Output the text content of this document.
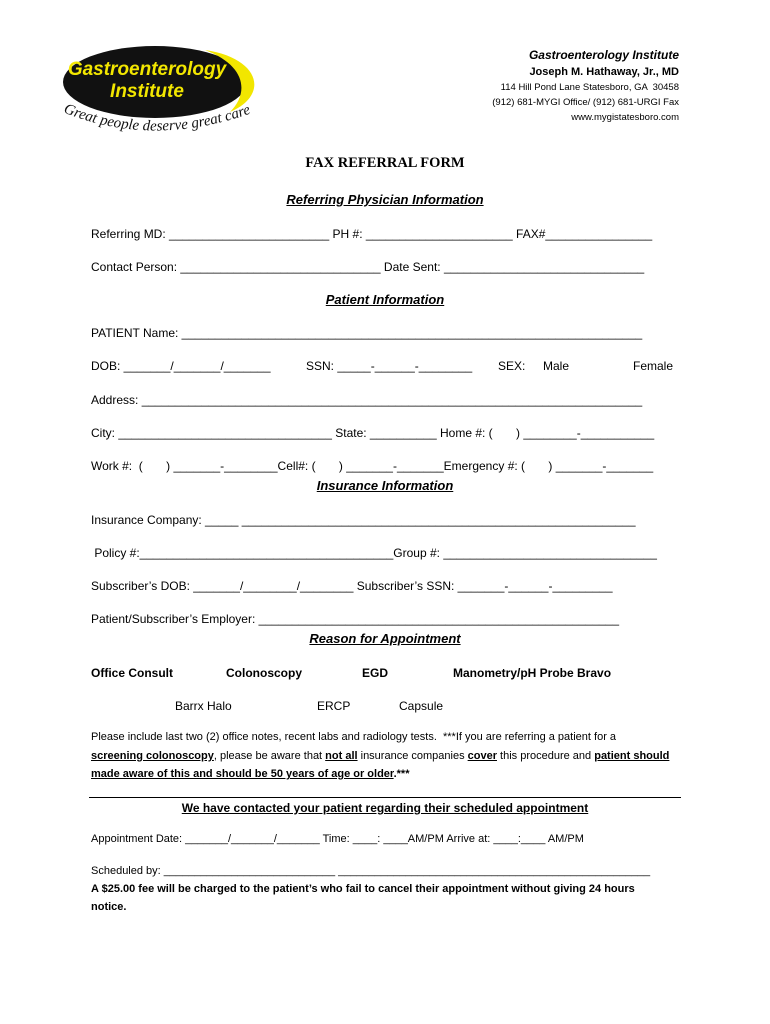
Gastroenterology
Institute
Great people deserve great care
Gastroenterology Institute
Joseph M. Hathaway, Jr., MD
114 Hill Pond Lane Statesboro, GA  30458
(912) 681-MYGI Office/ (912) 681-URGI Fax
www.mygistatesboro.com
FAX REFERRAL FORM
Referring Physician Information
Referring MD: ________________________ PH #: ______________________ FAX#________________
Contact Person: ______________________________ Date Sent: ______________________________
Patient Information
PATIENT Name: _____________________________________________________________________
DOB: _______/_______/_______	SSN: _____-______-________ SEX: Male	Female
Address: ___________________________________________________________________________
City: ________________________________ State: __________ Home #: (       ) ________-___________
Work #:  (       ) _______-________Cell#: (       ) _______-_______Emergency #: (       ) _______-_______
Insurance Information
Insurance Company: _____ ___________________________________________________________
Policy #:______________________________________Group #: ________________________________
Subscriber’s DOB: _______/________/________ Subscriber’s SSN: _______-______-_________
Patient/Subscriber’s Employer: ______________________________________________________
Reason for Appointment
Office Consult	Colonoscopy	EGD	Manometry/pH Probe Bravo
Barrx Halo	ERCP	Capsule
Please include last two (2) office notes, recent labs and radiology tests.  ***If you are referring a patient for a
screening colonoscopy, please be aware that not all insurance companies cover this procedure and patient should
made aware of this and should be 50 years of age or older.***
We have contacted your patient regarding their scheduled appointment
Appointment Date: _______/_______/_______ Time: ____: ____AM/PM Arrive at: ____:____ AM/PM
Scheduled by: ____________________________ ___________________________________________________
A $25.00 fee will be charged to the patient’s who fail to cancel their appointment without giving 24 hours
notice.
